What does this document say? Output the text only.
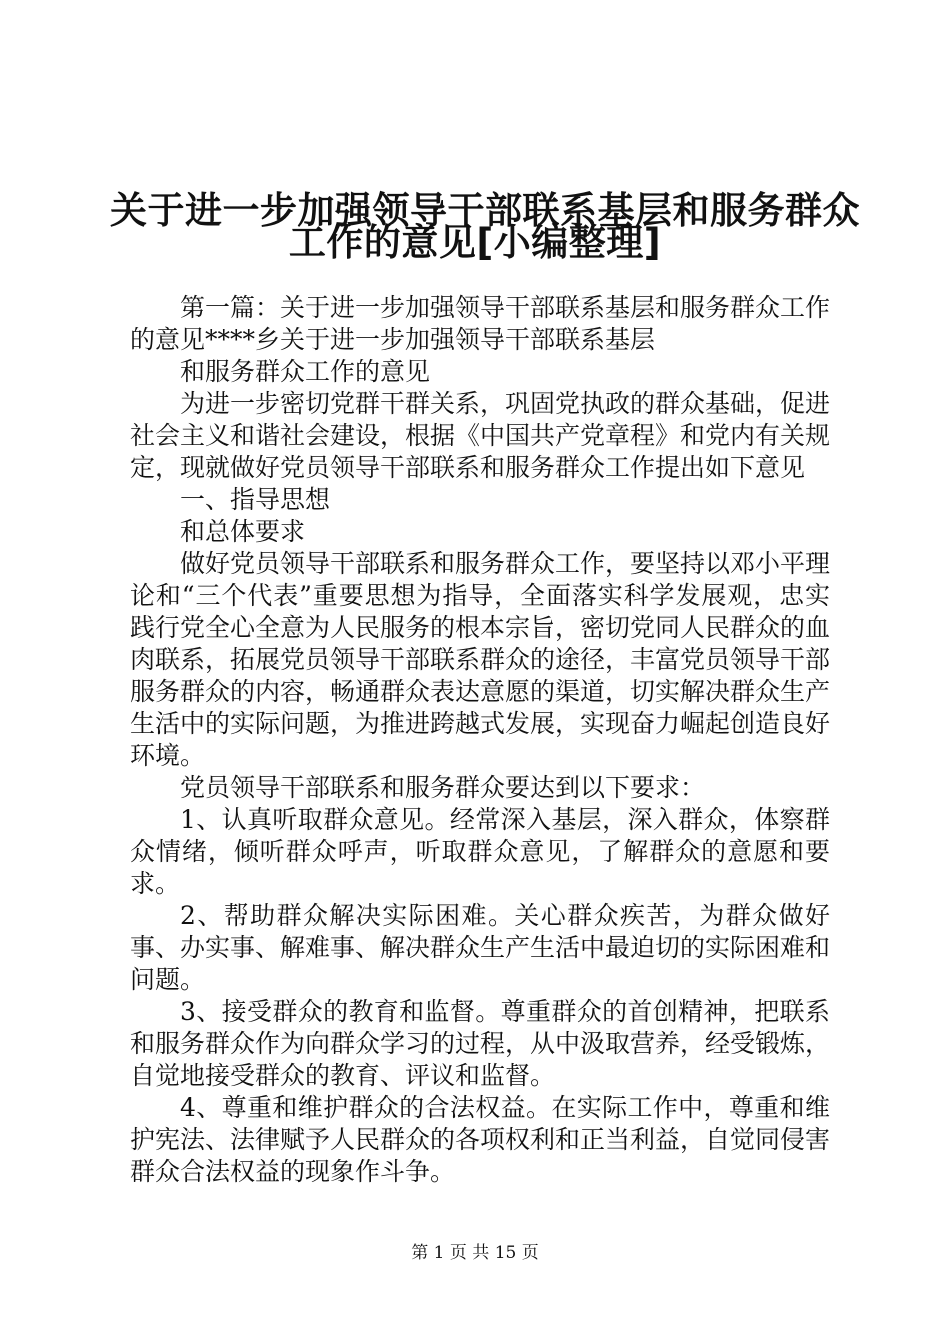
关于进一步加强领导干部联系基层和服务群众
工作的意见[小编整理]

第一篇：关于进一步加强领导干部联系基层和服务群众工作的意见****乡关于进一步加强领导干部联系基层

和服务群众工作的意见

为进一步密切党群干群关系，巩固党执政的群众基础，促进社会主义和谐社会建设，根据《中国共产党章程》和党内有关规定，现就做好党员领导干部联系和服务群众工作提出如下意见

一、指导思想

和总体要求

做好党员领导干部联系和服务群众工作，要坚持以邓小平理论和“三个代表”重要思想为指导，全面落实科学发展观，忠实践行党全心全意为人民服务的根本宗旨，密切党同人民群众的血肉联系，拓展党员领导干部联系群众的途径，丰富党员领导干部服务群众的内容，畅通群众表达意愿的渠道，切实解决群众生产生活中的实际问题，为推进跨越式发展，实现奋力崛起创造良好环境。

党员领导干部联系和服务群众要达到以下要求：

1、认真听取群众意见。经常深入基层，深入群众，体察群众情绪，倾听群众呼声，听取群众意见，了解群众的意愿和要求。

2、帮助群众解决实际困难。关心群众疾苦，为群众做好事、办实事、解难事、解决群众生产生活中最迫切的实际困难和问题。

3、接受群众的教育和监督。尊重群众的首创精神，把联系和服务群众作为向群众学习的过程，从中汲取营养，经受锻炼，自觉地接受群众的教育、评议和监督。

4、尊重和维护群众的合法权益。在实际工作中，尊重和维护宪法、法律赋予人民群众的各项权利和正当利益，自觉同侵害群众合法权益的现象作斗争。

第 1 页 共 15 页
